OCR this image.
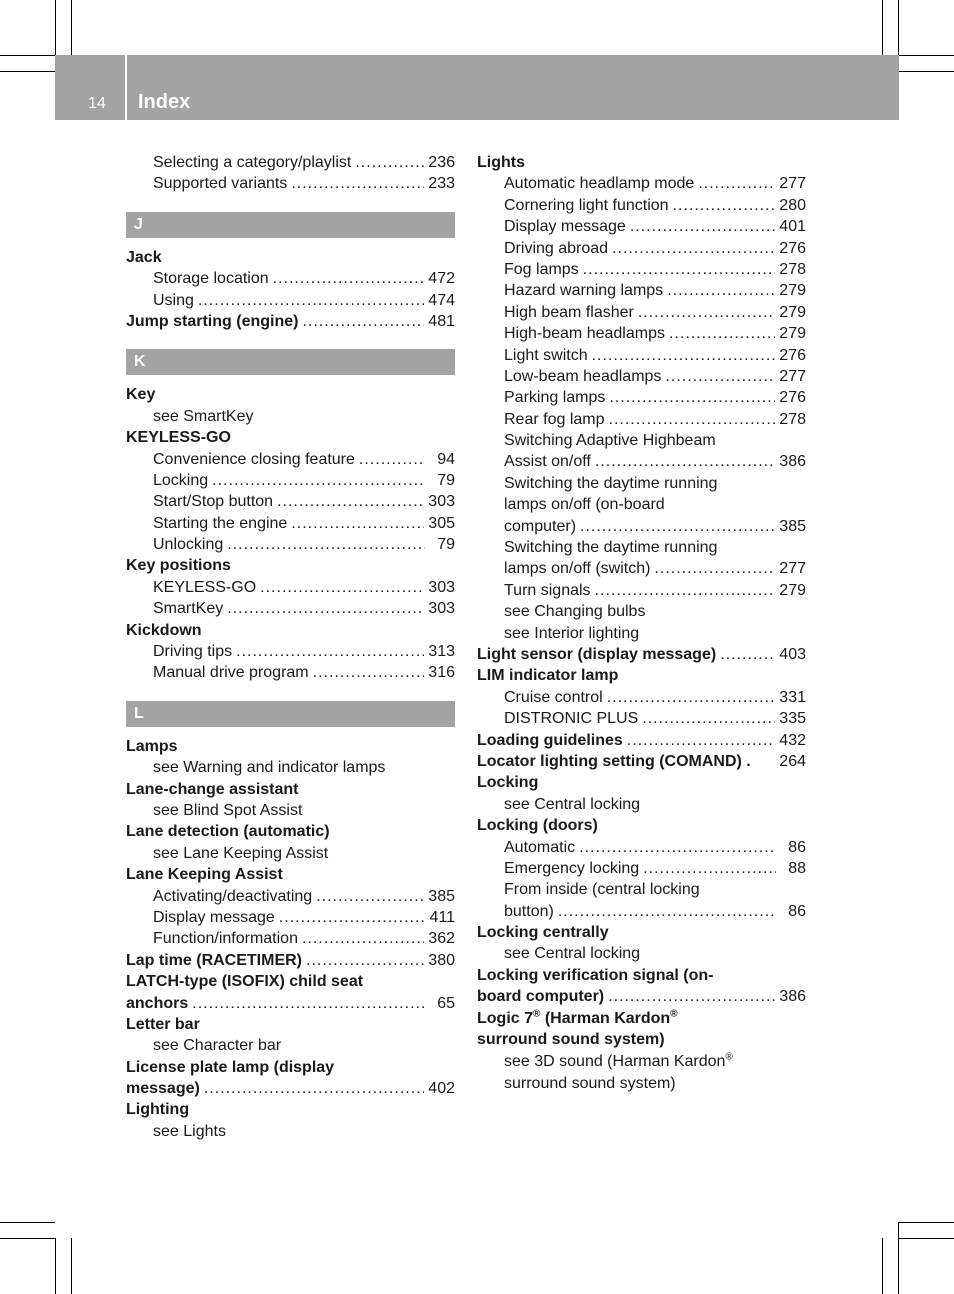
14 Index
Selecting a category/playlist .....	236
Supported variants .....	233
J
Jack
Storage location .....	472
Using .....	474
Jump starting (engine) .....	481
K
Key
see SmartKey
KEYLESS-GO
Convenience closing feature .....	94
Locking .....	79
Start/Stop button .....	303
Starting the engine .....	305
Unlocking .....	79
Key positions
KEYLESS-GO .....	303
SmartKey .....	303
Kickdown
Driving tips .....	313
Manual drive program .....	316
L
Lamps
see Warning and indicator lamps
Lane-change assistant
see Blind Spot Assist
Lane detection (automatic)
see Lane Keeping Assist
Lane Keeping Assist
Activating/deactivating .....	385
Display message .....	411
Function/information .....	362
Lap time (RACETIMER) .....	380
LATCH-type (ISOFIX) child seat
anchors .....	65
Letter bar
see Character bar
License plate lamp (display
message) .....	402
Lighting
see Lights
Lights
Automatic headlamp mode .....	277
Cornering light function .....	280
Display message .....	401
Driving abroad .....	276
Fog lamps .....	278
Hazard warning lamps .....	279
High beam flasher .....	279
High-beam headlamps .....	279
Light switch .....	276
Low-beam headlamps .....	277
Parking lamps .....	276
Rear fog lamp .....	278
Switching Adaptive Highbeam
Assist on/off .....	386
Switching the daytime running
lamps on/off (on-board
computer) .....	385
Switching the daytime running
lamps on/off (switch) .....	277
Turn signals .....	279
see Changing bulbs
see Interior lighting
Light sensor (display message) .....	403
LIM indicator lamp
Cruise control .....	331
DISTRONIC PLUS .....	335
Loading guidelines .....	432
Locator lighting setting (COMAND) . 264
Locking
see Central locking
Locking (doors)
Automatic .....	86
Emergency locking .....	88
From inside (central locking
button) .....	86
Locking centrally
see Central locking
Locking verification signal (on-
board computer) .....	386
Logic 7® (Harman Kardon®
surround sound system)
see 3D sound (Harman Kardon®
surround sound system)
